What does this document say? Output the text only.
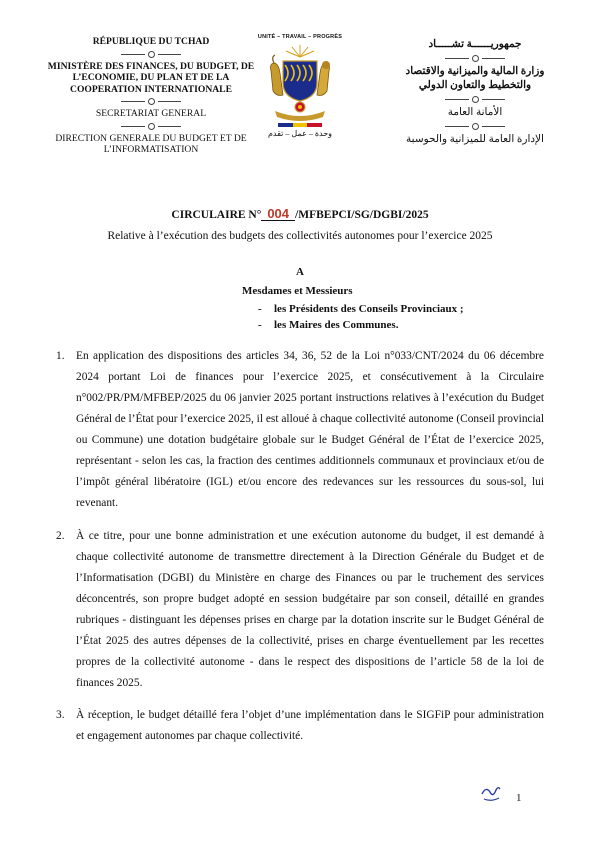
RÉPUBLIQUE DU TCHAD
MINISTÈRE DES FINANCES, DU BUDGET, DE L’ECONOMIE, DU PLAN ET DE LA COOPERATION INTERNATIONALE
SECRETARIAT GENERAL
DIRECTION GENERALE DU BUDGET ET DE L’INFORMATISATION
UNITÉ – TRAVAIL – PROGRÈS
وحدة – عمل – تقدم
جمهوريــــــة تشـــــاد
وزارة المالية والميزانية والاقتصاد والتخطيط والتعاون الدولي
الأمانة العامة
الإدارة العامة للميزانية والحوسبة
CIRCULAIRE N° 004 /MFBEPCI/SG/DGBI/2025
Relative à l’exécution des budgets des collectivités autonomes pour l’exercice 2025
A
Mesdames et Messieurs
- les Présidents des Conseils Provinciaux ;
- les Maires des Communes.
1.	En application des dispositions des articles 34, 36, 52 de la Loi n°033/CNT/2024 du 06 décembre 2024 portant Loi de finances pour l’exercice 2025, et consécutivement à la Circulaire n°002/PR/PM/MFBEP/2025 du 06 janvier 2025 portant instructions relatives à l’exécution du Budget Général de l’État pour l’exercice 2025, il est alloué à chaque collectivité autonome (Conseil provincial ou Commune) une dotation budgétaire globale sur le Budget Général de l’État de l’exercice 2025, représentant - selon les cas, la fraction des centimes additionnels communaux et provinciaux et/ou de l’impôt général libératoire (IGL) et/ou encore des redevances sur les ressources du sous-sol, lui revenant.
2.	À ce titre, pour une bonne administration et une exécution autonome du budget, il est demandé à chaque collectivité autonome de transmettre directement à la Direction Générale du Budget et de l’Informatisation (DGBI) du Ministère en charge des Finances ou par le truchement des services déconcentrés, son propre budget adopté en session budgétaire par son conseil, détaillé en grandes rubriques - distinguant les dépenses prises en charge par la dotation inscrite sur le Budget Général de l’État 2025 des autres dépenses de la collectivité, prises en charge éventuellement par les recettes propres de la collectivité autonome - dans le respect des dispositions de l’article 58 de la loi de finances 2025.
3.	À réception, le budget détaillé fera l’objet d’une implémentation dans le SIGFiP pour administration et engagement autonomes par chaque collectivité.
1
